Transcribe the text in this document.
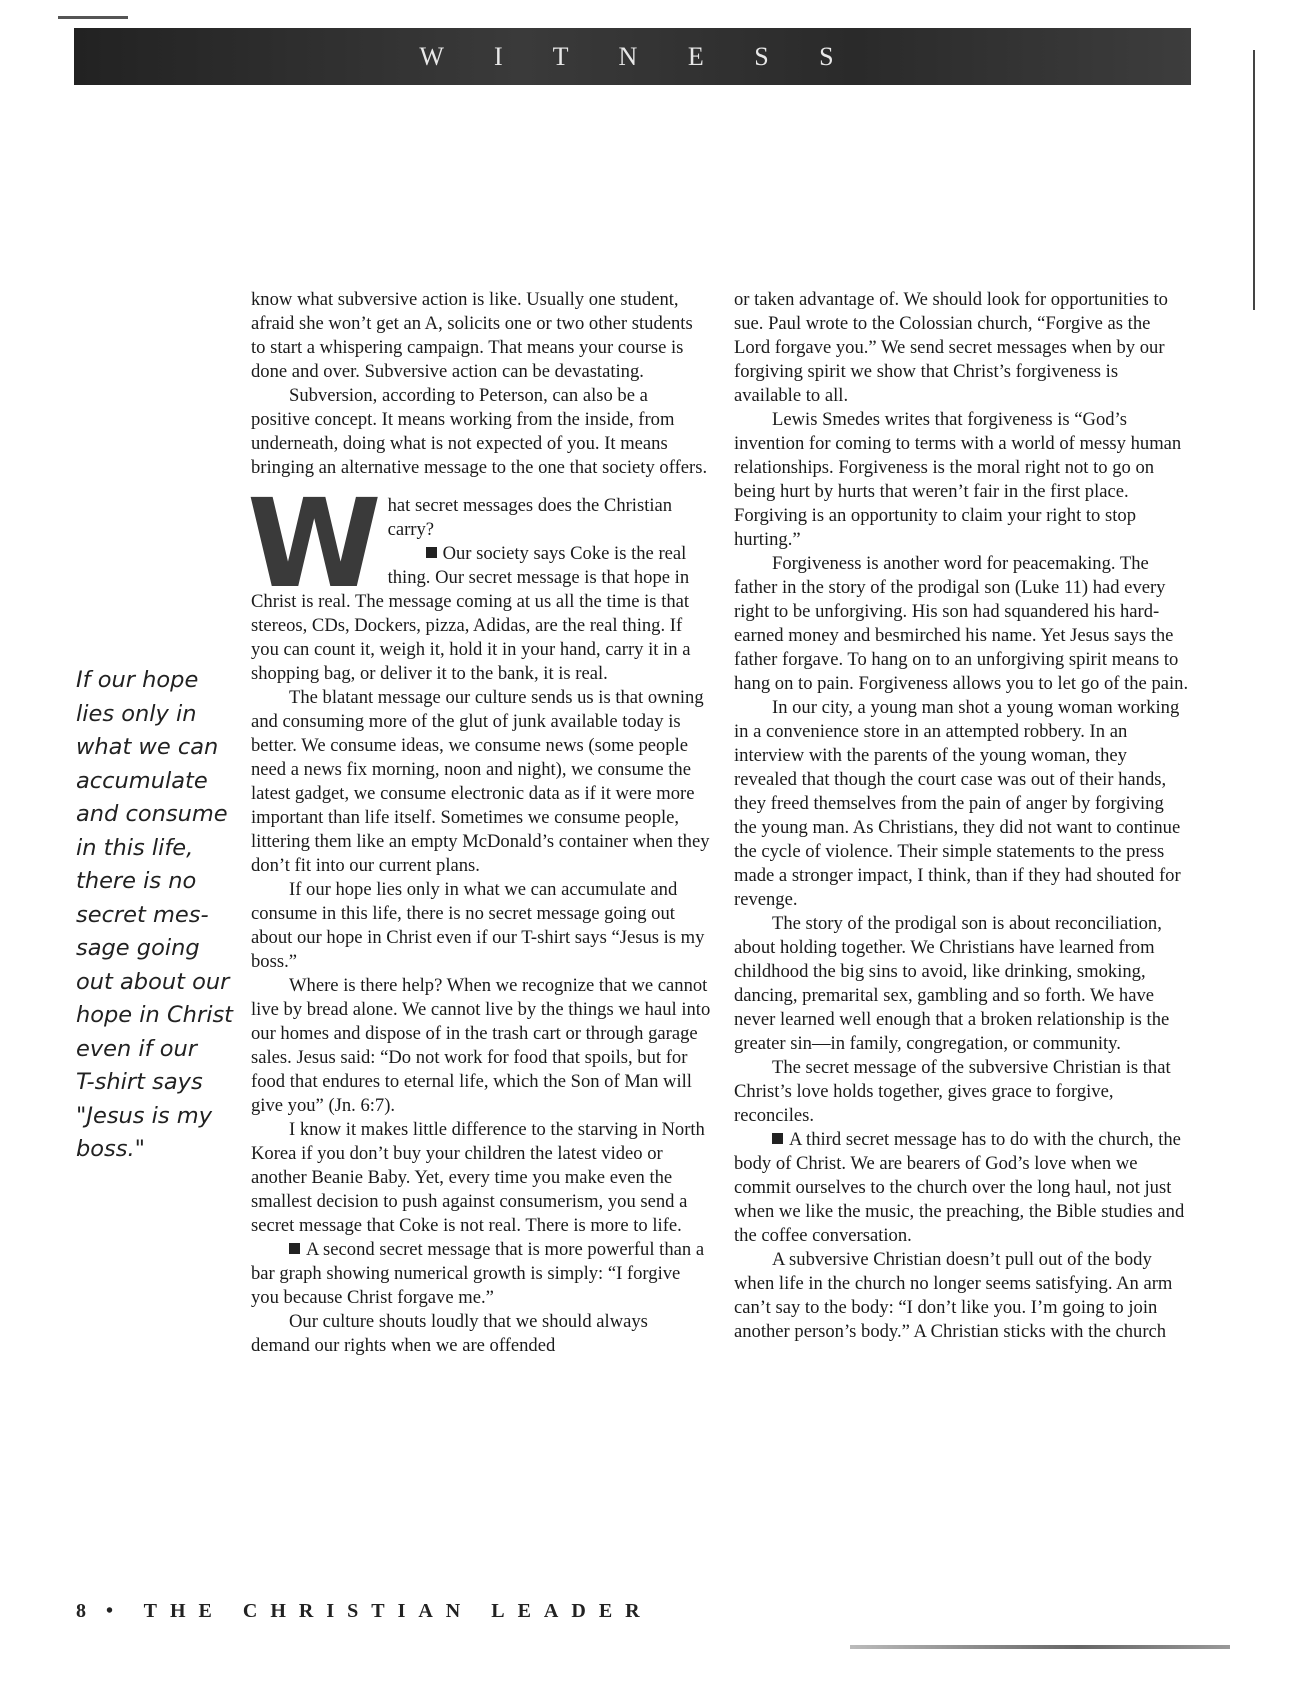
W I T N E S S
If our hope
lies only in
what we can
accumulate
and consume
in this life,
there is no
secret mes-
sage going
out about our
hope in Christ
even if our
T-shirt says
"Jesus is my
boss."

know what subversive action is like. Usually one student, afraid she won’t get an A, solicits one or two other students to start a whispering campaign. That means your course is done and over. Subversive action can be devastating.

Subversion, according to Peterson, can also be a positive concept. It means working from the inside, from underneath, doing what is not expected of you. It means bringing an alternative message to the one that society offers.

W hat secret messages does the Christian carry?

Our society says Coke is the real thing. Our secret message is that hope in Christ is real. The message coming at us all the time is that stereos, CDs, Dockers, pizza, Adidas, are the real thing. If you can count it, weigh it, hold it in your hand, carry it in a shopping bag, or deliver it to the bank, it is real.

The blatant message our culture sends us is that owning and consuming more of the glut of junk available today is better. We consume ideas, we consume news (some people need a news fix morning, noon and night), we consume the latest gadget, we consume electronic data as if it were more important than life itself. Sometimes we consume people, littering them like an empty McDonald’s container when they don’t fit into our current plans.

If our hope lies only in what we can accumulate and consume in this life, there is no secret message going out about our hope in Christ even if our T-shirt says “Jesus is my boss.”

Where is there help? When we recognize that we cannot live by bread alone. We cannot live by the things we haul into our homes and dispose of in the trash cart or through garage sales. Jesus said: “Do not work for food that spoils, but for food that endures to eternal life, which the Son of Man will give you” (Jn. 6:7).

I know it makes little difference to the starving in North Korea if you don’t buy your children the latest video or another Beanie Baby. Yet, every time you make even the smallest decision to push against consumerism, you send a secret message that Coke is not real. There is more to life.

A second secret message that is more powerful than a bar graph showing numerical growth is simply: “I forgive you because Christ forgave me.”

Our culture shouts loudly that we should always demand our rights when we are offended

or taken advantage of. We should look for opportunities to sue. Paul wrote to the Colossian church, “Forgive as the Lord forgave you.” We send secret messages when by our forgiving spirit we show that Christ’s forgiveness is available to all.

Lewis Smedes writes that forgiveness is “God’s invention for coming to terms with a world of messy human relationships. Forgiveness is the moral right not to go on being hurt by hurts that weren’t fair in the first place. Forgiving is an opportunity to claim your right to stop hurting.”

Forgiveness is another word for peacemaking. The father in the story of the prodigal son (Luke 11) had every right to be unforgiving. His son had squandered his hard-earned money and besmirched his name. Yet Jesus says the father forgave. To hang on to an unforgiving spirit means to hang on to pain. Forgiveness allows you to let go of the pain.

In our city, a young man shot a young woman working in a convenience store in an attempted robbery. In an interview with the parents of the young woman, they revealed that though the court case was out of their hands, they freed themselves from the pain of anger by forgiving the young man. As Christians, they did not want to continue the cycle of violence. Their simple statements to the press made a stronger impact, I think, than if they had shouted for revenge.

The story of the prodigal son is about reconciliation, about holding together. We Christians have learned from childhood the big sins to avoid, like drinking, smoking, dancing, premarital sex, gambling and so forth. We have never learned well enough that a broken relationship is the greater sin—in family, congregation, or community.

The secret message of the subversive Christian is that Christ’s love holds together, gives grace to forgive, reconciles.

A third secret message has to do with the church, the body of Christ. We are bearers of God’s love when we commit ourselves to the church over the long haul, not just when we like the music, the preaching, the Bible studies and the coffee conversation.

A subversive Christian doesn’t pull out of the body when life in the church no longer seems satisfying. An arm can’t say to the body: “I don’t like you. I’m going to join another person’s body.” A Christian sticks with the church

8 • THE CHRISTIAN LEADER
